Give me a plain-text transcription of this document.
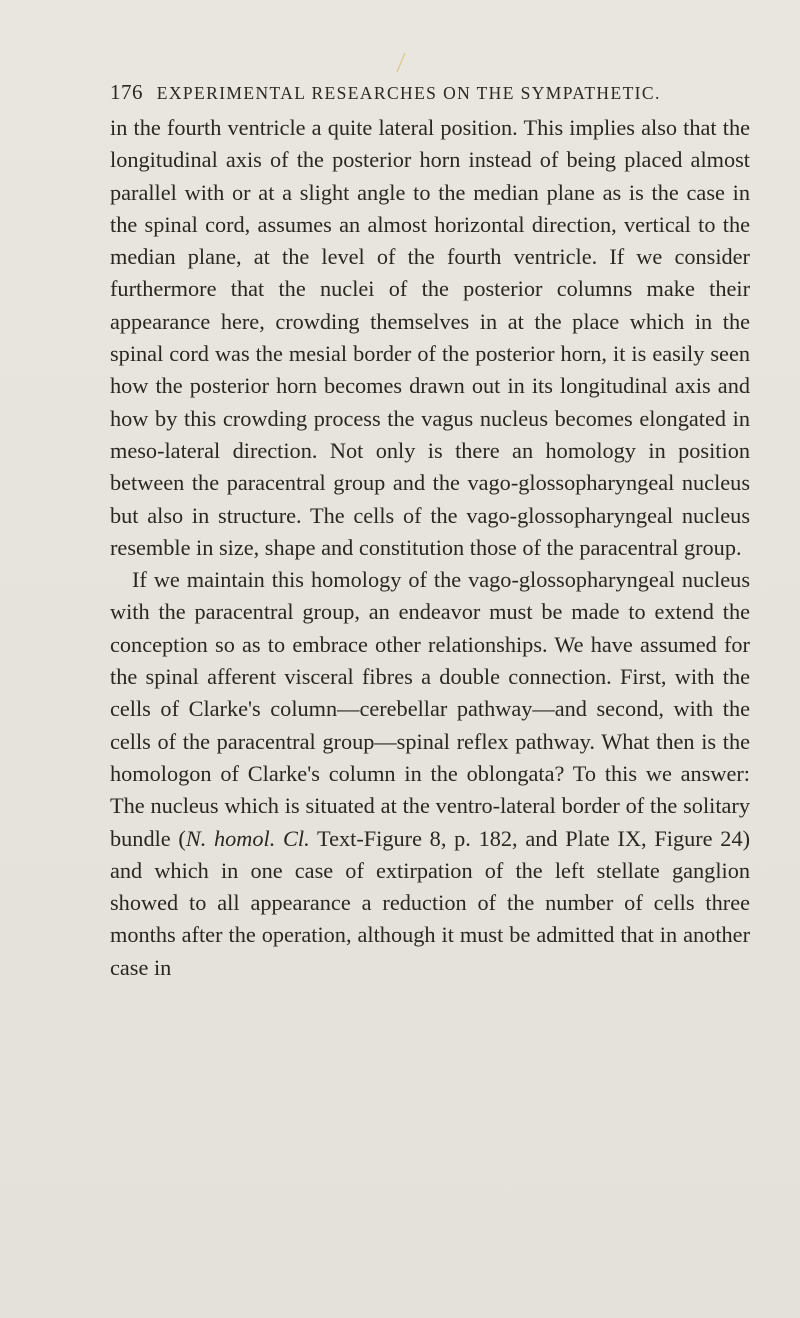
176 EXPERIMENTAL RESEARCHES ON THE SYMPATHETIC.

in the fourth ventricle a quite lateral position. This implies also that the longitudinal axis of the posterior horn instead of being placed almost parallel with or at a slight angle to the median plane as is the case in the spinal cord, assumes an almost horizontal direction, vertical to the median plane, at the level of the fourth ventricle. If we consider furthermore that the nuclei of the posterior columns make their appearance here, crowding themselves in at the place which in the spinal cord was the mesial border of the posterior horn, it is easily seen how the posterior horn becomes drawn out in its longitudinal axis and how by this crowding process the vagus nucleus becomes elongated in meso-lateral direction. Not only is there an homology in position between the paracentral group and the vago-glossopharyngeal nucleus but also in structure. The cells of the vago-glossopharyngeal nucleus resemble in size, shape and constitution those of the paracentral group.

If we maintain this homology of the vago-glossopharyngeal nucleus with the paracentral group, an endeavor must be made to extend the conception so as to embrace other relationships. We have assumed for the spinal afferent visceral fibres a double connection. First, with the cells of Clarke's column—cerebellar pathway—and second, with the cells of the paracentral group—spinal reflex pathway. What then is the homologon of Clarke's column in the oblongata? To this we answer: The nucleus which is situated at the ventro-lateral border of the solitary bundle (N. homol. Cl. Text-Figure 8, p. 182, and Plate IX, Figure 24) and which in one case of extirpation of the left stellate ganglion showed to all appearance a reduction of the number of cells three months after the operation, although it must be admitted that in another case in
